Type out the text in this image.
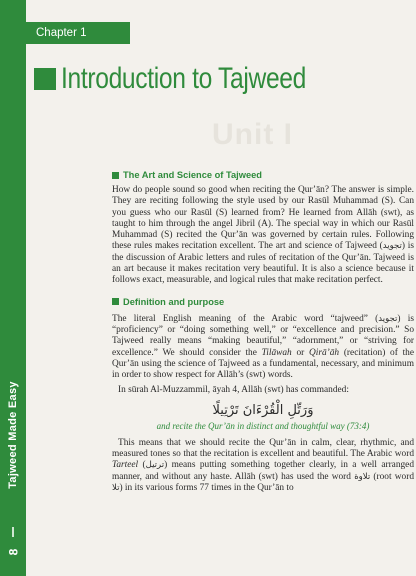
Tajweed Made Easy
8
Chapter 1
Introduction to Tajweed
Unit I
The Art and Science of Tajweed

How do people sound so good when reciting the Qur’ān? The answer is simple. They are reciting following the style used by our Rasūl Muhammad (S). Can you guess who our Rasūl (S) learned from? He learned from Allāh (swt), as taught to him through the angel Jibril (A). The special way in which our Rasūl Muhammad (S) recited the Qur’ān was governed by certain rules. Following these rules makes recitation excellent. The art and science of Tajweed (تجويد) is the discussion of Arabic letters and rules of recitation of the Qur’ān. Tajweed is an art because it makes recitation very beautiful. It is also a science because it follows exact, measurable, and logical rules that make recitation perfect.

Definition and purpose

The literal English meaning of the Arabic word “tajweed” (تجويد) is “proficiency” or “doing something well,” or “excellence and precision.” So Tajweed really means “making beautiful,” “adornment,” or “striving for excellence.” We should consider the Tilāwah or Qirā’āh (recitation) of the Qur’ān using the science of Tajweed as a fundamental, necessary, and minimum in order to show respect for Allāh’s (swt) words.

In sūrah Al-Muzzammil, āyah 4, Allāh (swt) has commanded:

وَرَتِّلِ الْقُرْءَانَ تَرْتِيلًا

and recite the Qur’ān in distinct and thoughtful way (73:4)

This means that we should recite the Qur’ān in calm, clear, rhythmic, and measured tones so that the recitation is excellent and beautiful. The Arabic word Tarteel (ترتيل) means putting something together clearly, in a well arranged manner, and without any haste. Allāh (swt) has used the word تلاوة (root word تلا) in its various forms 77 times in the Qur’ān to
